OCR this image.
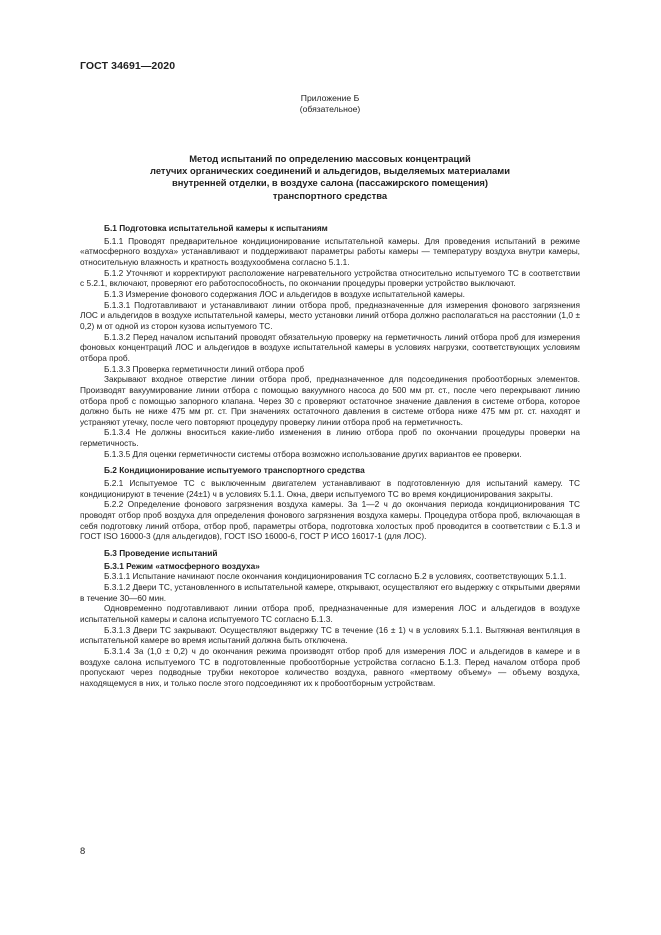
ГОСТ 34691—2020
Приложение Б
(обязательное)
Метод испытаний по определению массовых концентраций
летучих органических соединений и альдегидов, выделяемых материалами
внутренней отделки, в воздухе салона (пассажирского помещения)
транспортного средства
Б.1 Подготовка испытательной камеры к испытаниям

Б.1.1 Проводят предварительное кондиционирование испытательной камеры. Для проведения испытаний в режиме «атмосферного воздуха» устанавливают и поддерживают параметры работы камеры — температуру воздуха внутри камеры, относительную влажность и кратность воздухообмена согласно 5.1.1.

Б.1.2 Уточняют и корректируют расположение нагревательного устройства относительно испытуемого ТС в соответствии с 5.2.1, включают, проверяют его работоспособность, по окончании процедуры проверки устройство выключают.

Б.1.3 Измерение фонового содержания ЛОС и альдегидов в воздухе испытательной камеры.

Б.1.3.1 Подготавливают и устанавливают линии отбора проб, предназначенные для измерения фонового загрязнения ЛОС и альдегидов в воздухе испытательной камеры, место установки линий отбора должно располагаться на расстоянии (1,0 ± 0,2) м от одной из сторон кузова испытуемого ТС.

Б.1.3.2 Перед началом испытаний проводят обязательную проверку на герметичность линий отбора проб для измерения фоновых концентраций ЛОС и альдегидов в воздухе испытательной камеры в условиях нагрузки, соответствующих условиям отбора проб.

Б.1.3.3 Проверка герметичности линий отбора проб

Закрывают входное отверстие линии отбора проб, предназначенное для подсоединения пробоотборных элементов. Производят вакуумирование линии отбора с помощью вакуумного насоса до 500 мм рт. ст., после чего перекрывают линию отбора проб с помощью запорного клапана. Через 30 с проверяют остаточное значение давления в системе отбора, которое должно быть не ниже 475 мм рт. ст. При значениях остаточного давления в системе отбора ниже 475 мм рт. ст. находят и устраняют утечку, после чего повторяют процедуру проверку линии отбора проб на герметичность.

Б.1.3.4 Не должны вноситься какие-либо изменения в линию отбора проб по окончании процедуры проверки на герметичность.

Б.1.3.5 Для оценки герметичности системы отбора возможно использование других вариантов ее проверки.

Б.2 Кондиционирование испытуемого транспортного средства

Б.2.1 Испытуемое ТС с выключенным двигателем устанавливают в подготовленную для испытаний камеру. ТС кондиционируют в течение (24±1) ч в условиях 5.1.1. Окна, двери испытуемого ТС во время кондиционирования закрыты.

Б.2.2 Определение фонового загрязнения воздуха камеры. За 1—2 ч до окончания периода кондиционирования ТС проводят отбор проб воздуха для определения фонового загрязнения воздуха камеры. Процедура отбора проб, включающая в себя подготовку линий отбора, отбор проб, параметры отбора, подготовка холостых проб проводится в соответствии с Б.1.3 и ГОСТ ISO 16000-3 (для альдегидов), ГОСТ ISO 16000-6, ГОСТ Р ИСО 16017-1 (для ЛОС).

Б.3 Проведение испытаний
Б.3.1 Режим «атмосферного воздуха»

Б.3.1.1 Испытание начинают после окончания кондиционирования ТС согласно Б.2 в условиях, соответствующих 5.1.1.

Б.3.1.2 Двери ТС, установленного в испытательной камере, открывают, осуществляют его выдержку с открытыми дверями в течение 30—60 мин.

Одновременно подготавливают линии отбора проб, предназначенные для измерения ЛОС и альдегидов в воздухе испытательной камеры и салона испытуемого ТС согласно Б.1.3.

Б.3.1.3 Двери ТС закрывают. Осуществляют выдержку ТС в течение (16 ± 1) ч в условиях 5.1.1. Вытяжная вентиляция в испытательной камере во время испытаний должна быть отключена.

Б.3.1.4 За (1,0 ± 0,2) ч до окончания режима производят отбор проб для измерения ЛОС и альдегидов в камере и в воздухе салона испытуемого ТС в подготовленные пробоотборные устройства согласно Б.1.3. Перед началом отбора проб пропускают через подводные трубки некоторое количество воздуха, равного «мертвому объему» — объему воздуха, находящемуся в них, и только после этого подсоединяют их к пробоотборным устройствам.

8
